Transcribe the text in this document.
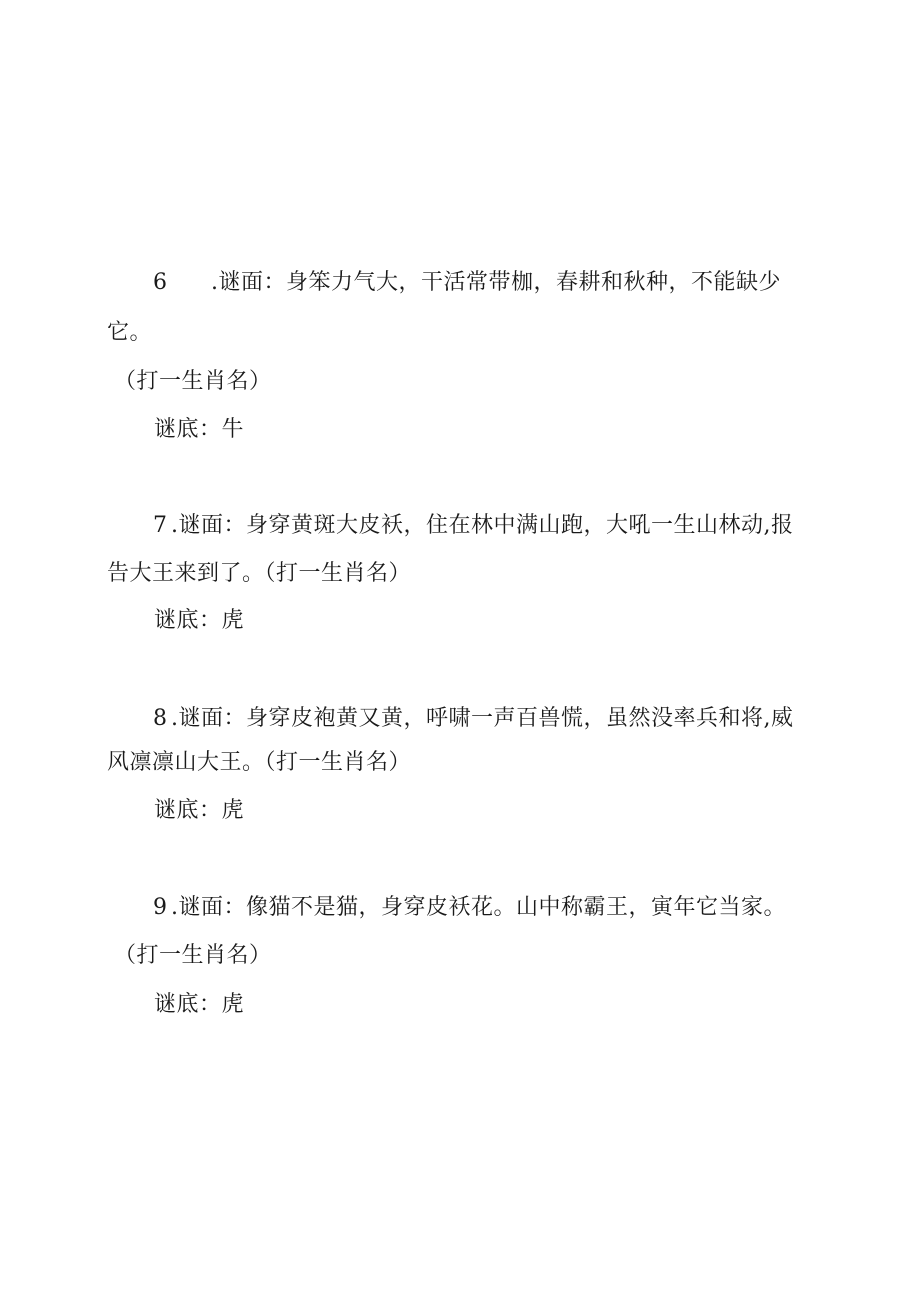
6 .谜面：身笨力气大，干活常带枷，春耕和秋种，不能缺少
它。
（打一生肖名）
谜底：牛
7 .谜面：身穿黄斑大皮袄，住在林中满山跑，大吼一生山林动,报
告大王来到了。（打一生肖名）
谜底：虎
8 .谜面：身穿皮袍黄又黄，呼啸一声百兽慌，虽然没率兵和将,威
风凛凛山大王。（打一生肖名）
谜底：虎
9 .谜面：像猫不是猫，身穿皮袄花。山中称霸王，寅年它当家。
（打一生肖名）
谜底：虎
